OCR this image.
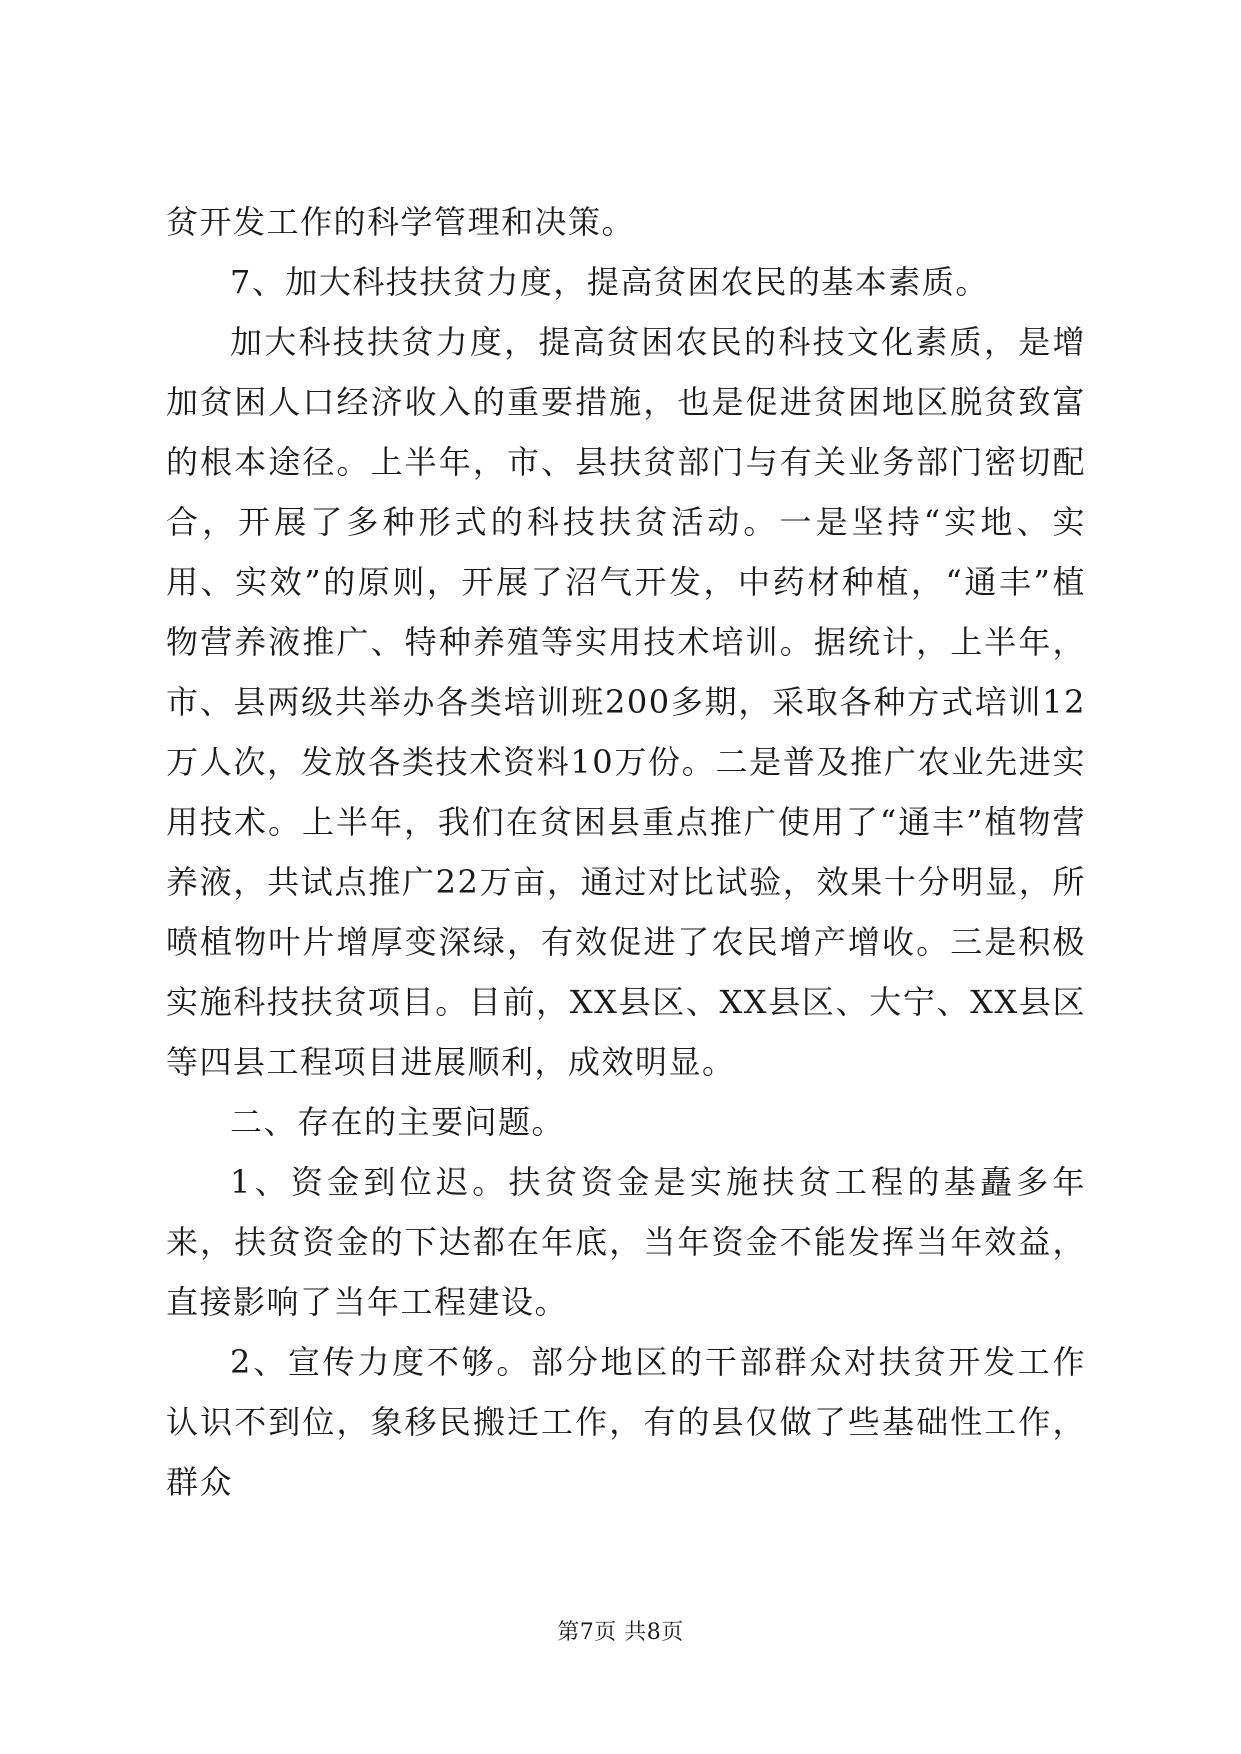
贫开发工作的科学管理和决策。

7、加大科技扶贫力度，提高贫困农民的基本素质。

加大科技扶贫力度，提高贫困农民的科技文化素质，是增加贫困人口经济收入的重要措施，也是促进贫困地区脱贫致富的根本途径。上半年，市、县扶贫部门与有关业务部门密切配合，开展了多种形式的科技扶贫活动。一是坚持“实地、实用、实效”的原则，开展了沼气开发，中药材种植，“通丰”植物营养液推广、特种养殖等实用技术培训。据统计，上半年，市、县两级共举办各类培训班200多期，采取各种方式培训12万人次，发放各类技术资料10万份。二是普及推广农业先进实用技术。上半年，我们在贫困县重点推广使用了“通丰”植物营养液，共试点推广22万亩，通过对比试验，效果十分明显，所喷植物叶片增厚变深绿，有效促进了农民增产增收。三是积极实施科技扶贫项目。目前，XX县区、XX县区、大宁、XX县区等四县工程项目进展顺利，成效明显。

二、存在的主要问题。

1、资金到位迟。扶贫资金是实施扶贫工程的基矗多年来，扶贫资金的下达都在年底，当年资金不能发挥当年效益，直接影响了当年工程建设。

2、宣传力度不够。部分地区的干部群众对扶贫开发工作认识不到位，象移民搬迁工作，有的县仅做了些基础性工作，群众

第7页 共8页
